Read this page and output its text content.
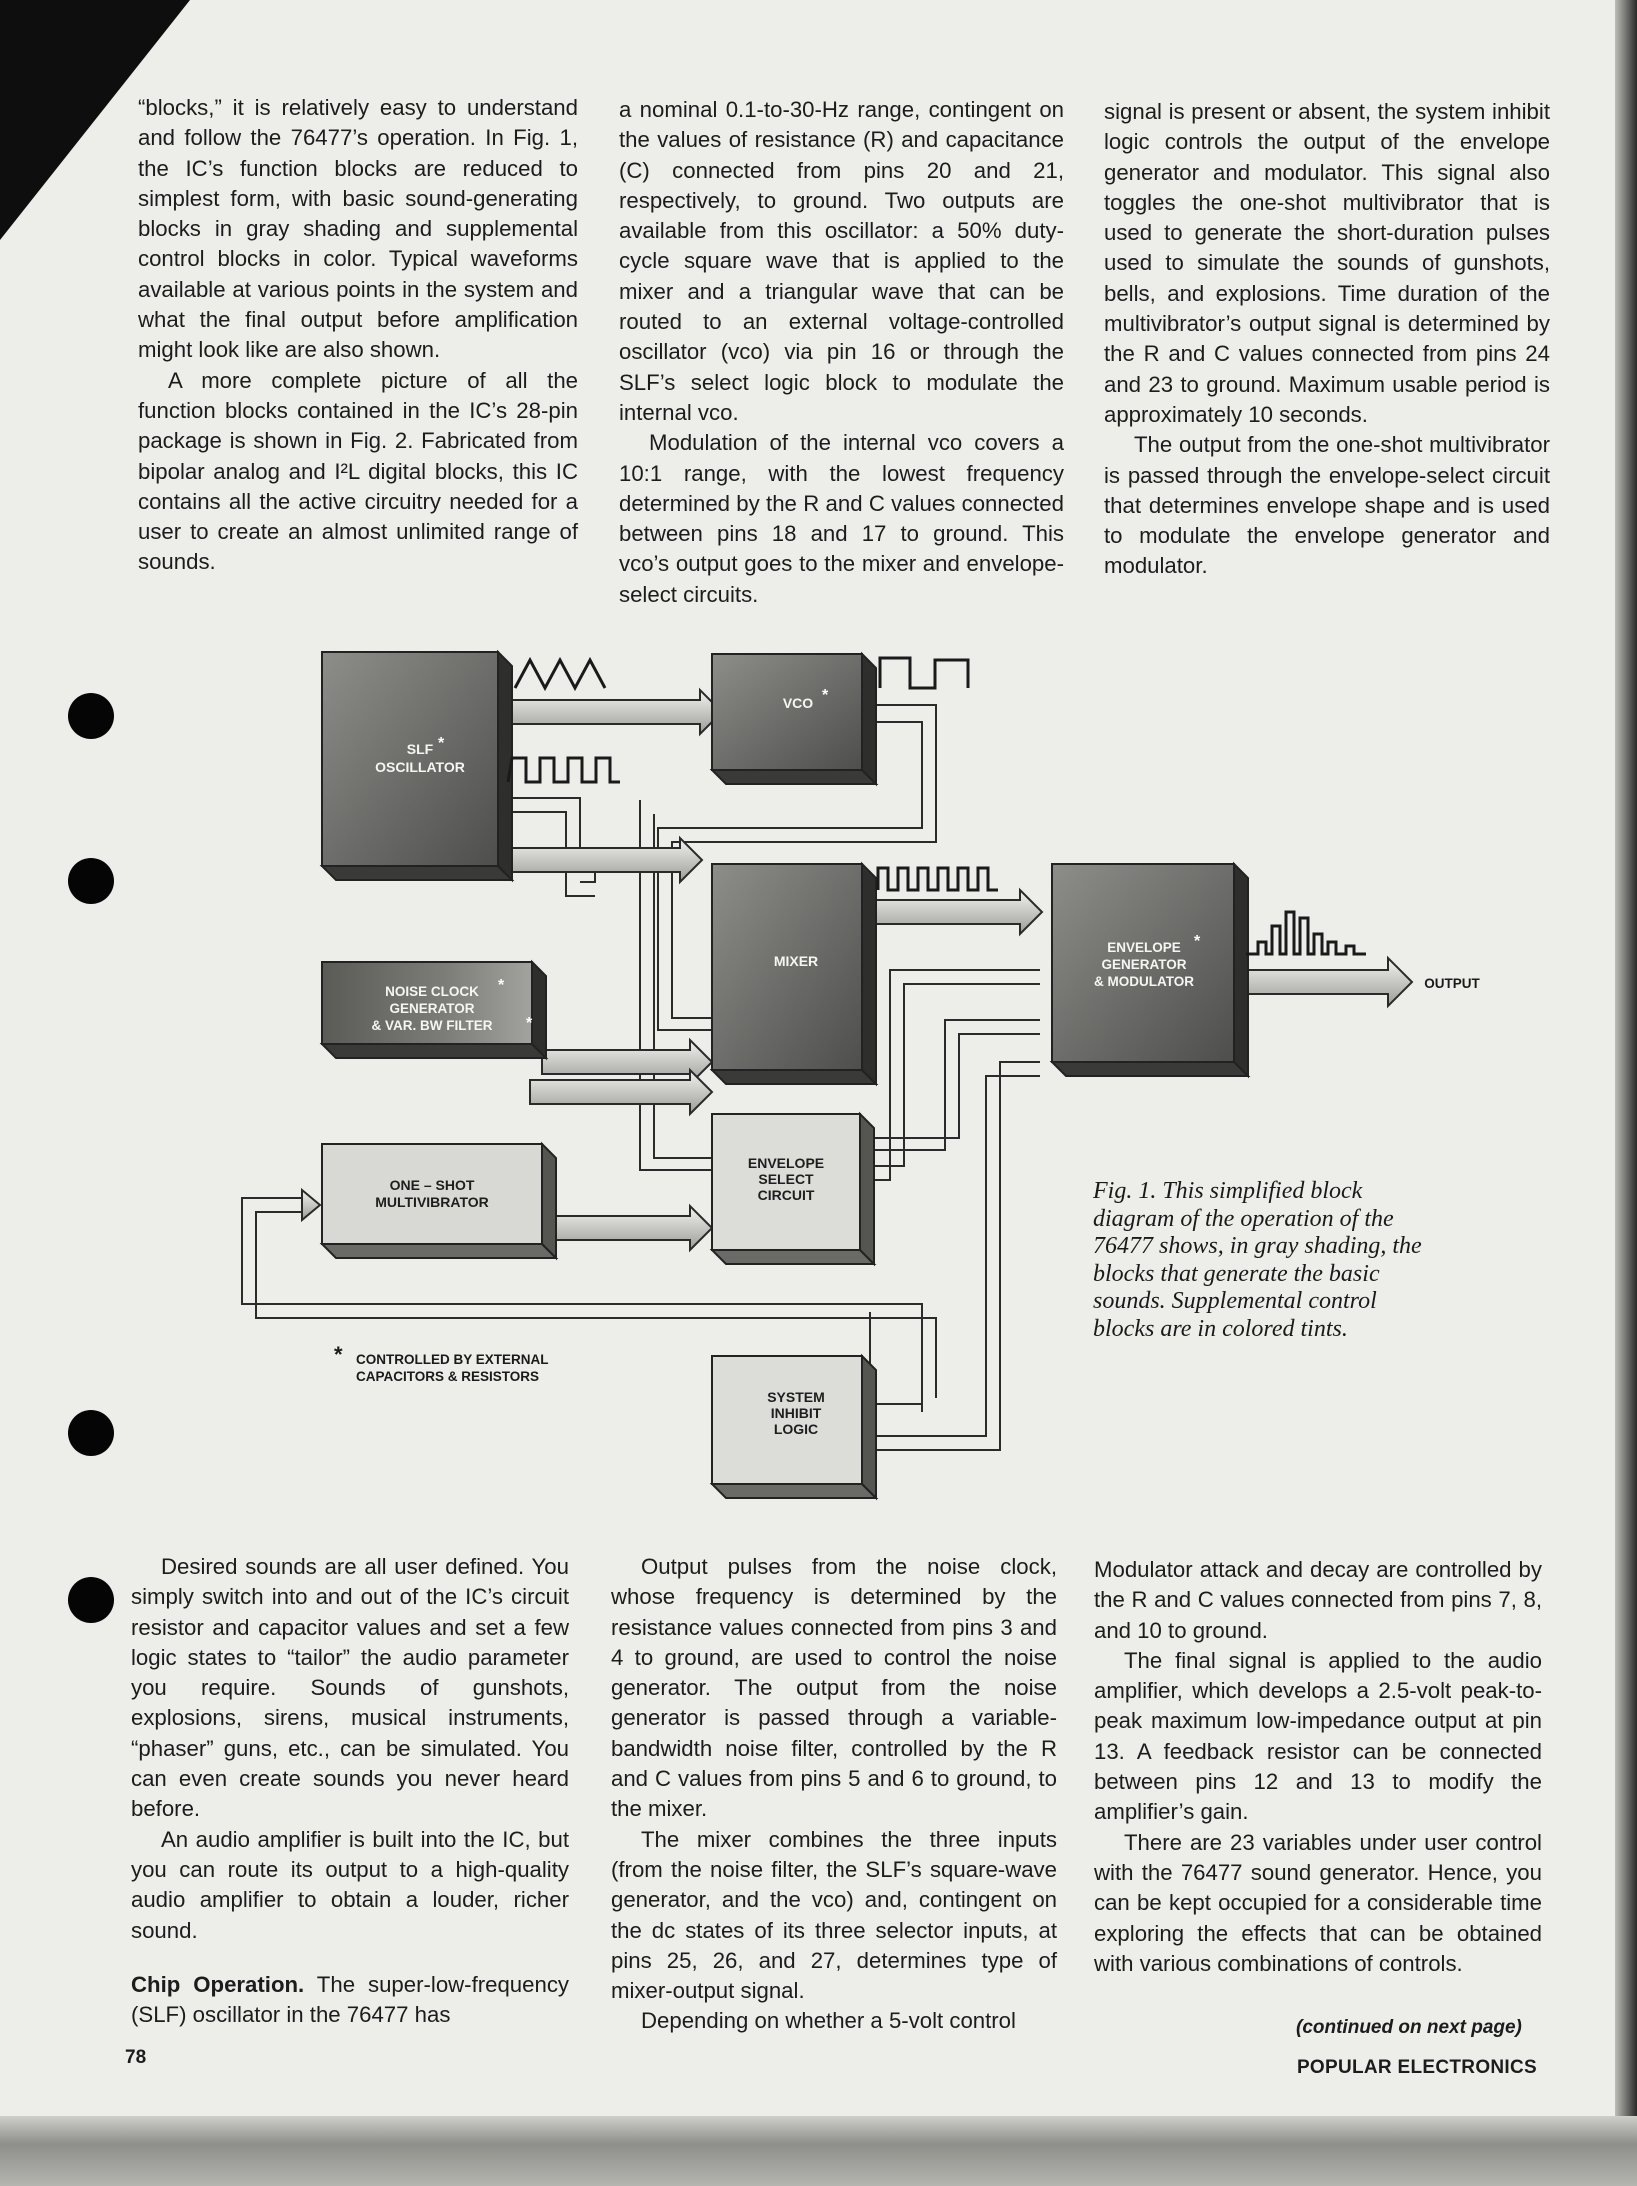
“blocks,” it is relatively easy to understand and follow the 76477’s operation. In Fig. 1, the IC’s function blocks are reduced to simplest form, with basic sound-generating blocks in gray shading and supplemental control blocks in color. Typical waveforms available at various points in the system and what the final output before amplification might look like are also shown.

A more complete picture of all the function blocks contained in the IC’s 28-pin package is shown in Fig. 2. Fabricated from bipolar analog and I²L digital blocks, this IC contains all the active circuitry needed for a user to create an almost unlimited range of sounds.

a nominal 0.1-to-30-Hz range, contingent on the values of resistance (R) and capacitance (C) connected from pins 20 and 21, respectively, to ground. Two outputs are available from this oscillator: a 50% duty-cycle square wave that is applied to the mixer and a triangular wave that can be routed to an external voltage-controlled oscillator (vco) via pin 16 or through the SLF’s select logic block to modulate the internal vco.

Modulation of the internal vco covers a 10:1 range, with the lowest frequency determined by the R and C values connected between pins 18 and 17 to ground. This vco’s output goes to the mixer and envelope-select circuits.

signal is present or absent, the system inhibit logic controls the output of the envelope generator and modulator. This signal also toggles the one-shot multivibrator that is used to generate the short-duration pulses used to simulate the sounds of gunshots, bells, and explosions. Time duration of the multivibrator’s output signal is determined by the R and C values connected from pins 24 and 23 to ground. Maximum usable period is approximately 10 seconds.

The output from the one-shot multivibrator is passed through the envelope-select circuit that determines envelope shape and is used to modulate the envelope generator and modulator.

SLF
OSCILLATOR
VCO
MIXER
NOISE CLOCK
GENERATOR
& VAR. BW FILTER
ENVELOPE
GENERATOR
& MODULATOR
ONE – SHOT
MULTIVIBRATOR
ENVELOPE
SELECT
CIRCUIT
SYSTEM
INHIBIT
LOGIC
*
*
*
*
*
OUTPUT
* CONTROLLED BY EXTERNAL
CAPACITORS & RESISTORS
Fig. 1. This simplified block diagram of the operation of the 76477 shows, in gray shading, the blocks that generate the basic sounds. Supplemental control blocks are in colored tints.

Desired sounds are all user defined. You simply switch into and out of the IC’s circuit resistor and capacitor values and set a few logic states to “tailor” the audio parameter you require. Sounds of gunshots, explosions, sirens, musical instruments, “phaser” guns, etc., can be simulated. You can even create sounds you never heard before.

An audio amplifier is built into the IC, but you can route its output to a high-quality audio amplifier to obtain a louder, richer sound.

Chip Operation. The super-low-frequency (SLF) oscillator in the 76477 has

Output pulses from the noise clock, whose frequency is determined by the resistance values connected from pins 3 and 4 to ground, are used to control the noise generator. The output from the noise generator is passed through a variable-bandwidth noise filter, controlled by the R and C values from pins 5 and 6 to ground, to the mixer.

The mixer combines the three inputs (from the noise filter, the SLF’s square-wave generator, and the vco) and, contingent on the dc states of its three selector inputs, at pins 25, 26, and 27, determines type of mixer-output signal.

Depending on whether a 5-volt control

Modulator attack and decay are controlled by the R and C values connected from pins 7, 8, and 10 to ground.

The final signal is applied to the audio amplifier, which develops a 2.5-volt peak-to-peak maximum low-impedance output at pin 13. A feedback resistor can be connected between pins 12 and 13 to modify the amplifier’s gain.

There are 23 variables under user control with the 76477 sound generator. Hence, you can be kept occupied for a considerable time exploring the effects that can be obtained with various combinations of controls.

(continued on next page)
78	POPULAR ELECTRONICS
